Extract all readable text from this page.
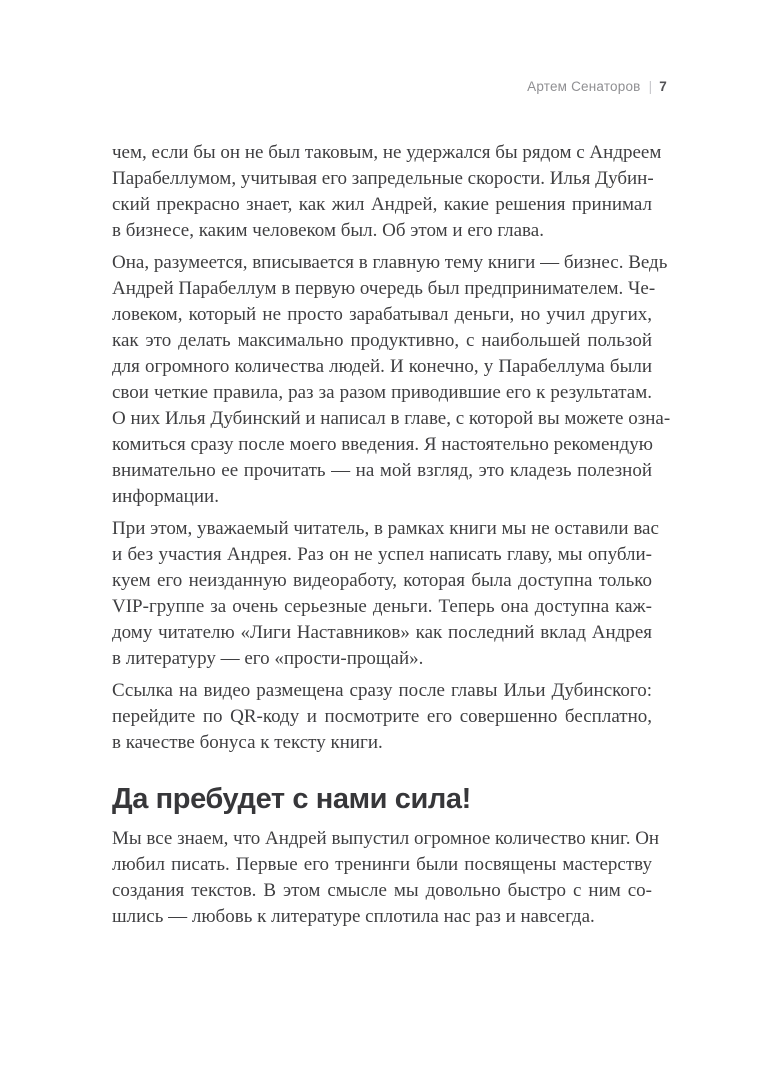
Артем Сенаторов | 7
чем, если бы он не был таковым, не удержался бы рядом с Андреем
Парабеллумом, учитывая его запредельные скорости. Илья Дубин-
ский прекрасно знает, как жил Андрей, какие решения принимал
в бизнесе, каким человеком был. Об этом и его глава.
Она, разумеется, вписывается в главную тему книги — бизнес. Ведь
Андрей Парабеллум в первую очередь был предпринимателем. Че-
ловеком, который не просто зарабатывал деньги, но учил других,
как это делать максимально продуктивно, с наибольшей пользой
для огромного количества людей. И конечно, у Парабеллума были
свои четкие правила, раз за разом приводившие его к результатам.
О них Илья Дубинский и написал в главе, с которой вы можете озна-
комиться сразу после моего введения. Я настоятельно рекомендую
внимательно ее прочитать — на мой взгляд, это кладезь полезной
информации.
При этом, уважаемый читатель, в рамках книги мы не оставили вас
и без участия Андрея. Раз он не успел написать главу, мы опубли-
куем его неизданную видеоработу, которая была доступна только
VIP-группе за очень серьезные деньги. Теперь она доступна каж-
дому читателю «Лиги Наставников» как последний вклад Андрея
в литературу — его «прости-прощай».
Ссылка на видео размещена сразу после главы Ильи Дубинского:
перейдите по QR-коду и посмотрите его совершенно бесплатно,
в качестве бонуса к тексту книги.
Да пребудет с нами сила!
Мы все знаем, что Андрей выпустил огромное количество книг. Он
любил писать. Первые его тренинги были посвящены мастерству
создания текстов. В этом смысле мы довольно быстро с ним со-
шлись — любовь к литературе сплотила нас раз и навсегда.
